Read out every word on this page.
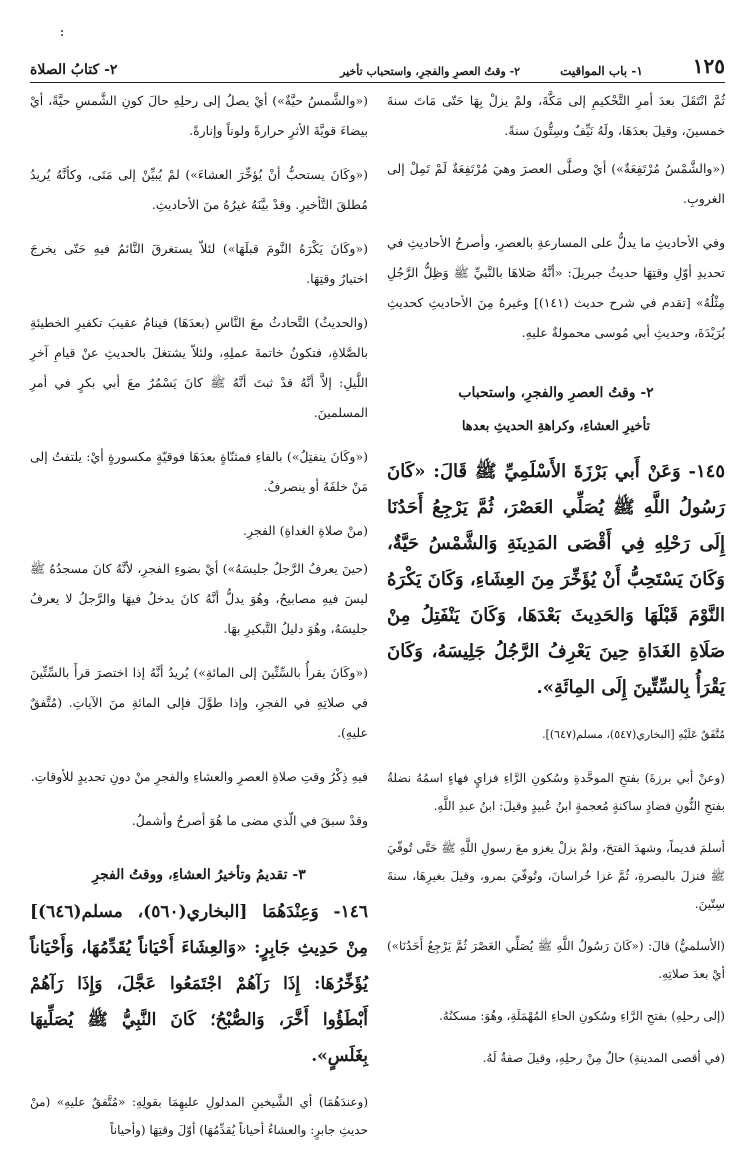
١٢٥
١- باب المواقيت
٢- وقتُ العصرِ والفجرِ، واستحباب تأخير
٢- كتابُ الصلاة

ثُمَّ انْتَقَلَ بعدَ أمرِ التَّحْكيمِ إلى مَكَّةَ، ولمْ يزلْ بِهَا حَتّى مَاتَ سنةَ خمسينَ، وقيلَ بعدَهَا، ولَهُ نَيِّفٌ وسِتُّونَ سنةً.

(«والشَّمْسُ مُرْتَفِعَةٌ») أيْ وصلَّى العصرَ وهيَ مُرْتَفِعَةٌ لَمْ تَمِلْ إلى الغروبِ.

وفي الأحاديثِ ما يدلُّ على المسارعةِ بالعصرِ، وأصرحُ الأحاديثِ في تحديدِ أوّلِ وقتِهَا حديثُ جبريلَ: «أنَّهُ صَلاهَا بالنَّبيِّ ﷺ وَظِلُّ الرَّجُلِ مِثْلُهُ» [تقدم في شرح حديث (١٤١)] وغيرهُ مِنَ الأحاديثِ كحديثِ بُرَيْدَةَ، وحديثِ أبي مُوسى محمولةٌ عليهِ.

٢- وقتُ العصرِ والفجرِ، واستحباب
تأخيرِ العشاءِ، وكراهةِ الحديثِ بعدها

١٤٥- وَعَنْ أَبي بَرْزَةَ الأَسْلَمِيِّ ﷺ قَالَ: «كَانَ رَسُولُ اللَّهِ ﷺ يُصَلِّي العَصْرَ، ثُمَّ يَرْجِعُ أَحَدُنَا إِلَى رَحْلِهِ فِي أَقْصَى المَدِينَةِ وَالشَّمْسُ حَيَّةٌ، وَكَانَ يَسْتَحِبُّ أَنْ يُؤَخِّرَ مِنَ العِشَاءِ، وَكَانَ يَكْرَهُ النَّوْمَ قَبْلَهَا وَالحَدِيثَ بَعْدَهَا، وَكَانَ يَنْفَتِلُ مِنْ صَلَاةِ الغَدَاةِ حِينَ يَعْرِفُ الرَّجُلُ جَلِيسَهُ، وَكَانَ يَقْرَأُ بِالسِّتِّينَ إِلَى المِائَةِ».

مُتَّفَقٌ عَلَيْهِ [البخاري(٥٤٧)، مسلم(٦٤٧)].

(وعنْ أبي برزةَ) بفتحِ الموحَّدةِ وسُكونِ الرَّاءِ فزايٍ فهاءٍ اسمُهُ نضلةُ بفتحِ النُّونِ فضادٍ ساكنةٍ مُعجمةٍ ابنُ عُبيدٍ وقيلَ: ابنُ عبدِ اللَّهِ.

أسلمَ قديماً، وشهدَ الفتحَ، ولمْ يزلْ يغزو معَ رسولِ اللَّهِ ﷺ حَتَّى تُوفّيَ ﷺ فنزلَ بالبصرةِ، ثُمَّ غزا خُراسانَ، وتُوفّيَ بمرو، وقيلَ بغيرِهَا، سنةَ سِتّينَ.

(الأسلميُّ) قالَ: («كَانَ رَسُولُ اللَّهِ ﷺ يُصَلِّي العَصْرَ ثُمَّ يَرْجِعُ أَحَدُنَا») أيْ بعدَ صلاتِهِ.

(إلى رحلِهِ) بفتحِ الرَّاءِ وسُكونِ الحاءِ المُهْمَلَةِ، وهُوَ: مسكنُهُ.

(في أقصى المدينةِ) حالٌ مِنْ رحلِهِ، وقيلَ صفةٌ لَهُ.

(«والشَّمسُ حيَّةٌ») أيْ يصلُ إلى رحلِهِ حالَ كونِ الشَّمسِ حيَّةً، أيْ بيضاءَ قويَّةَ الأثرِ حرارةً ولوناً وإنارةً.

(«وكَانَ يستحبُّ أنْ يُؤخِّرَ العشاءَ») لمْ يُبيِّنْ إلى مَتَى، وكأنَّهُ يُريدُ مُطلقَ التَّأخيرِ. وقدْ بيَّنَهُ غيرُهُ منَ الأحاديثِ.

(«وكَانَ يَكْرَهُ النَّومَ قبلَهَا») لئلاّ يستغرقَ النَّائمُ فيهِ حَتّى يخرجَ اختيارُ وقتِهَا.

(والحديثُ) التَّحادثُ معَ النَّاسِ (بعدَهَا) فينامُ عقيبَ تكفيرِ الخطيئةِ بالصَّلاةِ، فتكونُ خاتمةَ عملِهِ، ولئلاّ يشتغلَ بالحديثِ عنْ قيامِ آخرِ اللَّيلِ: إلاَّ أنَّهُ قدْ ثبتَ أنَّهُ ﷺ كانَ يَسْمُرُ معَ أبي بكرٍ في أمرِ المسلمينَ.

(«وكَانَ ينفتِلُ») بالفاءِ فمثنّاةٍ بعدَهَا فوقيّةٍ مكسورةٍ أيْ: يلتفتُ إلى مَنْ خلفَهُ أو ينصرفُ.

(منْ صلاةِ الغداةِ) الفجرِ.

(حينَ يعرفُ الرَّجلُ جليسَهُ») أيْ بضوءِ الفجرِ، لأنَّهُ كانَ مسجدُهُ ﷺ ليسَ فيهِ مصابيحُ، وهُوَ يدلُّ أنَّهُ كانَ يدخلُ فيهَا والرَّجلُ لا يعرفُ جليسَهُ، وهُوَ دليلُ التَّبكيرِ بهَا.

(«وكَانَ يقرأُ بالسِّتِّينَ إلى المائةِ») يُريدُ أنَّهُ إذا اختصرَ قرأَ بالسِّتِّينَ في صلاتِهِ في الفجرِ، وإذا طوَّلَ فإلى المائةِ منَ الآياتِ. (مُتَّفقٌ عليهِ).

فيهِ ذِكْرُ وقتِ صلاةِ العصرِ والعشاءِ والفجرِ منْ دونِ تحديدٍ للأوقاتِ.

وقدْ سبقَ في الّذي مضى ما هُوَ أصرحُ وأشملُ.

٣- تقديمُ وتأخيرُ العشاءِ، ووقتُ الفجرِ

١٤٦- وَعِنْدَهُمَا [البخاري(٥٦٠)، مسلم(٦٤٦)] مِنْ حَدِيثِ جَابِرٍ: «وَالعِشَاءَ أَحْيَاناً يُقَدِّمُهَا، وَأَحْيَاناً يُؤَخِّرُهَا: إِذَا رَآهُمْ اجْتَمَعُوا عَجَّلَ، وَإِذَا رَآهُمْ أَبْطَؤُوا أَخَّرَ، وَالصُّبْحُ؛ كَانَ النَّبِيُّ ﷺ يُصَلِّيهَا بِغَلَسٍ».

(وعندَهُمَا) أي الشَّيخينِ المدلولِ عليهِمَا بقولِهِ: «مُتَّفقٌ عليهِ» (منْ حديثِ جابرٍ: والعشاءُ أحياناً يُقدِّمُهَا) أوّلَ وقتِهَا (وأحياناً
